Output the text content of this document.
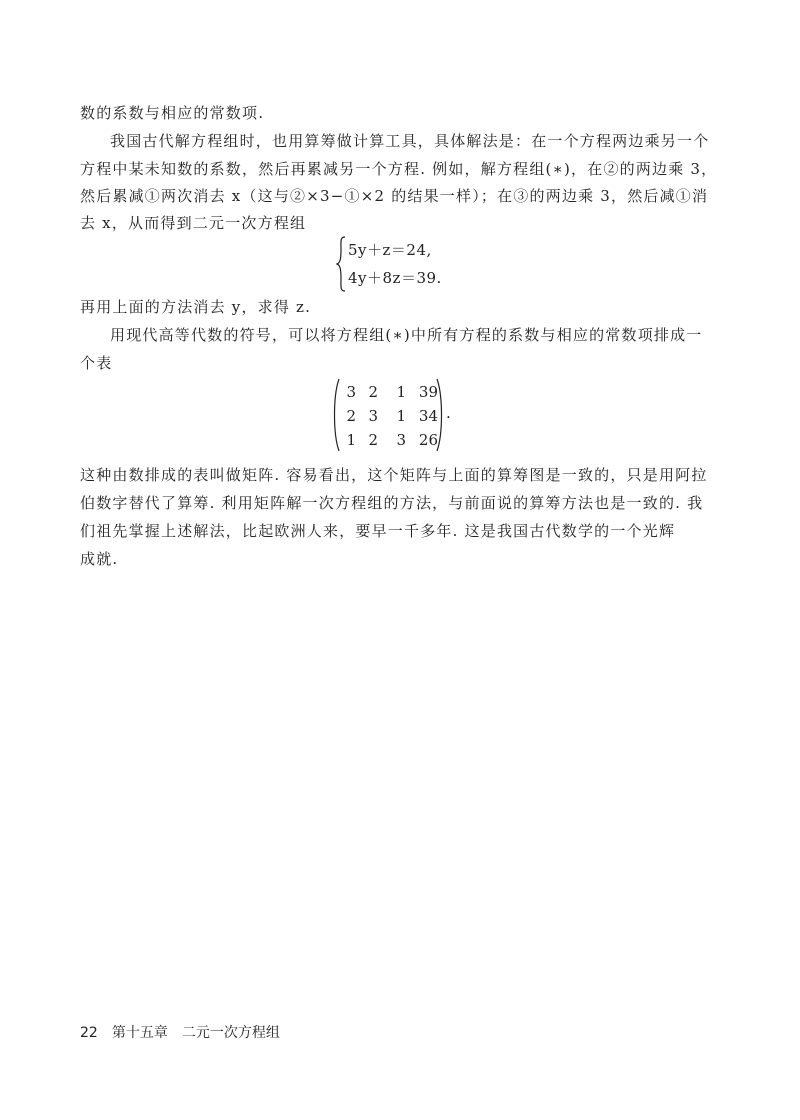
数的系数与相应的常数项.
我国古代解方程组时，也用算筹做计算工具，具体解法是：在一个方程两边乘另一个
方程中某未知数的系数，然后再累减另一个方程. 例如，解方程组(∗)，在②的两边乘 3，
然后累减①两次消去 x（这与②×3−①×2 的结果一样）；在③的两边乘 3，然后减①消
去 x，从而得到二元一次方程组
5y＋z＝24,
4y＋8z＝39.
再用上面的方法消去 y，求得 z.
用现代高等代数的符号，可以将方程组(∗)中所有方程的系数与相应的常数项排成一
个表
3 2	1 39
2 3	1 34
1 2	3 26
.
这种由数排成的表叫做矩阵. 容易看出，这个矩阵与上面的算筹图是一致的，只是用阿拉
伯数字替代了算筹. 利用矩阵解一次方程组的方法，与前面说的算筹方法也是一致的. 我
们祖先掌握上述解法，比起欧洲人来，要早一千多年. 这是我国古代数学的一个光辉
成就.
22 第十五章 二元一次方程组
